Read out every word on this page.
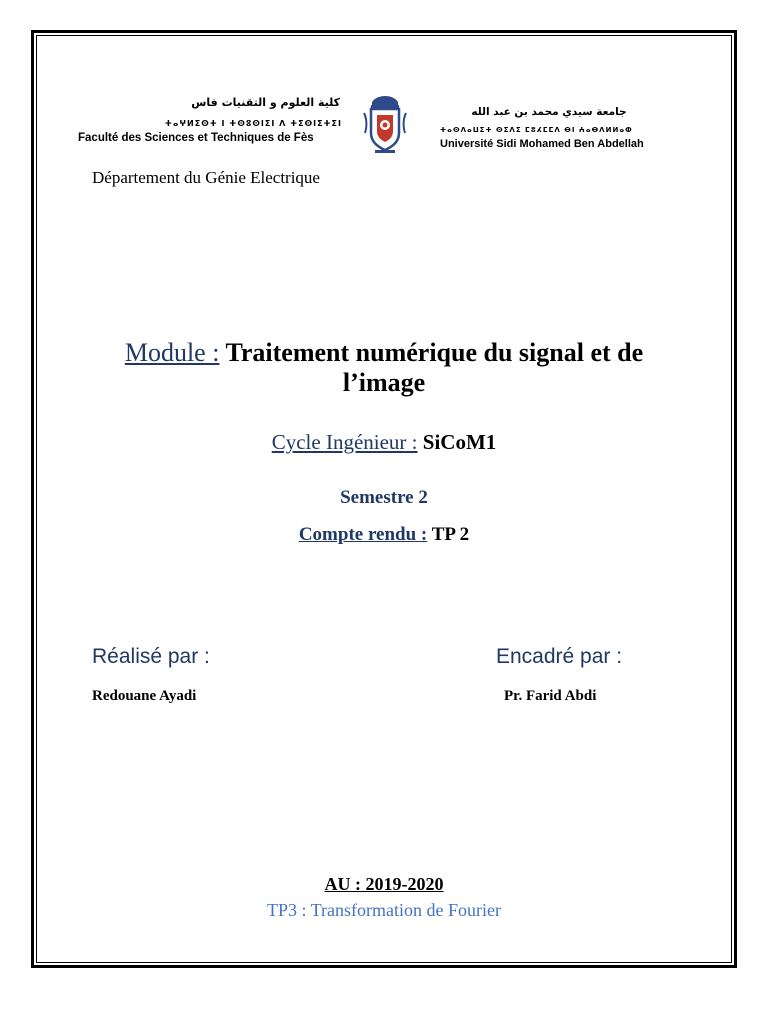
كلية العلوم و التقنيات فاس
ⵜⴰⵖⵍⵉⵙⵜ ⵏ ⵜⵙⵓⵙⵏⵉⵏ ⴷ ⵜⵉⵙⵏⵉⵜⵉⵏ
Faculté des Sciences et Techniques de Fès
جامعة سيدي محمد بن عبد الله
ⵜⴰⵙⴷⴰⵡⵉⵜ ⵙⵉⴷⵉ ⵎⵓⵃⵎⵎⴷ ⴱⵏ ⵄⴰⴱⴷⵍⵍⴰⵀ
Université Sidi Mohamed Ben Abdellah
Département du Génie Electrique
Module : Traitement numérique du signal et de
l’image
Cycle Ingénieur : SiCoM1
Semestre 2
Compte rendu : TP 2
Réalisé par :	Encadré par :
Redouane Ayadi	Pr. Farid Abdi
AU : 2019-2020
TP3 : Transformation de Fourier
